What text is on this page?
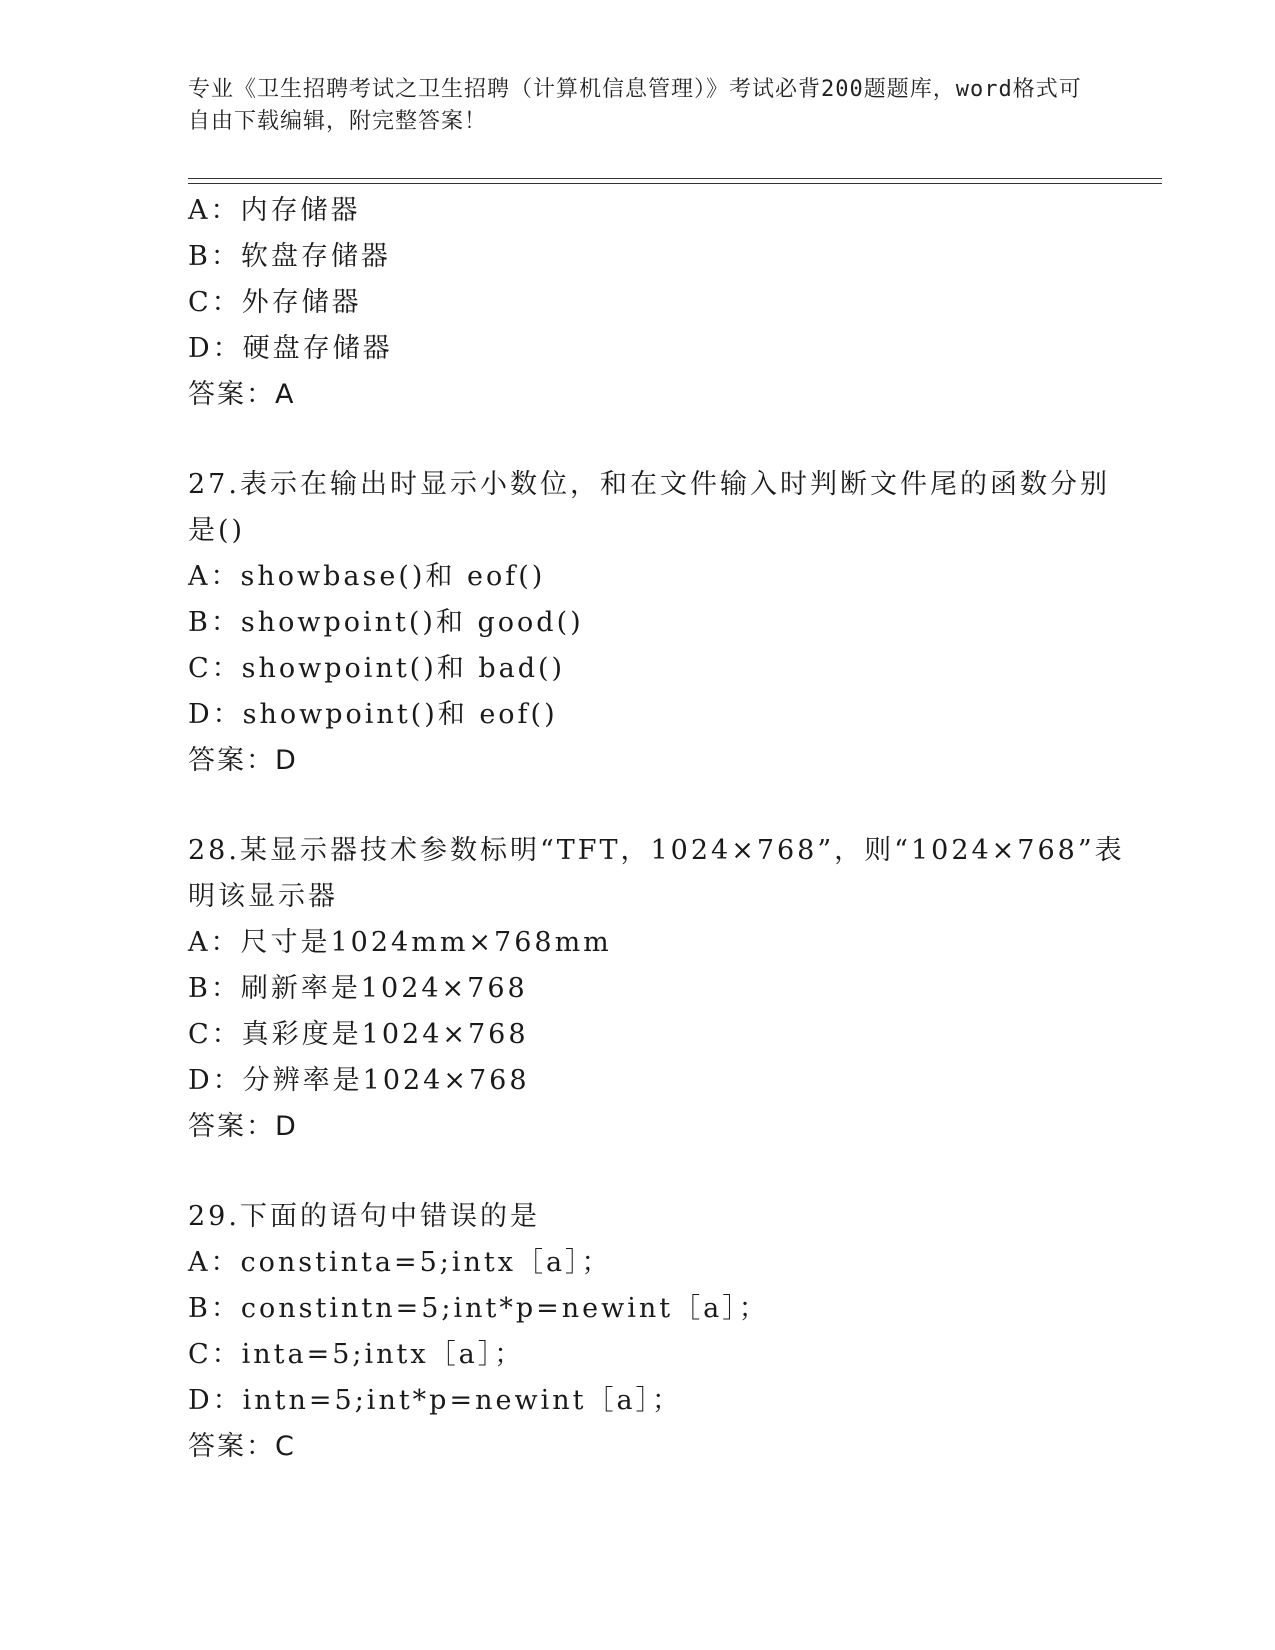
专业《卫生招聘考试之卫生招聘（计算机信息管理）》考试必背200题题库，word格式可自由下载编辑，附完整答案！
A：内存储器
B：软盘存储器
C：外存储器
D：硬盘存储器
答案：A
27.表示在输出时显示小数位，和在文件输入时判断文件尾的函数分别
是()
A：showbase()和 eof()
B：showpoint()和 good()
C：showpoint()和 bad()
D：showpoint()和 eof()
答案：D
28.某显示器技术参数标明“TFT，1024×768”，则“1024×768”表
明该显示器
A：尺寸是1024mm×768mm
B：刷新率是1024×768
C：真彩度是1024×768
D：分辨率是1024×768
答案：D
29.下面的语句中错误的是
A：constinta=5;intx［a］；
B：constintn=5;int*p=newint［a］；
C：inta=5;intx［a］；
D：intn=5;int*p=newint［a］；
答案：C
